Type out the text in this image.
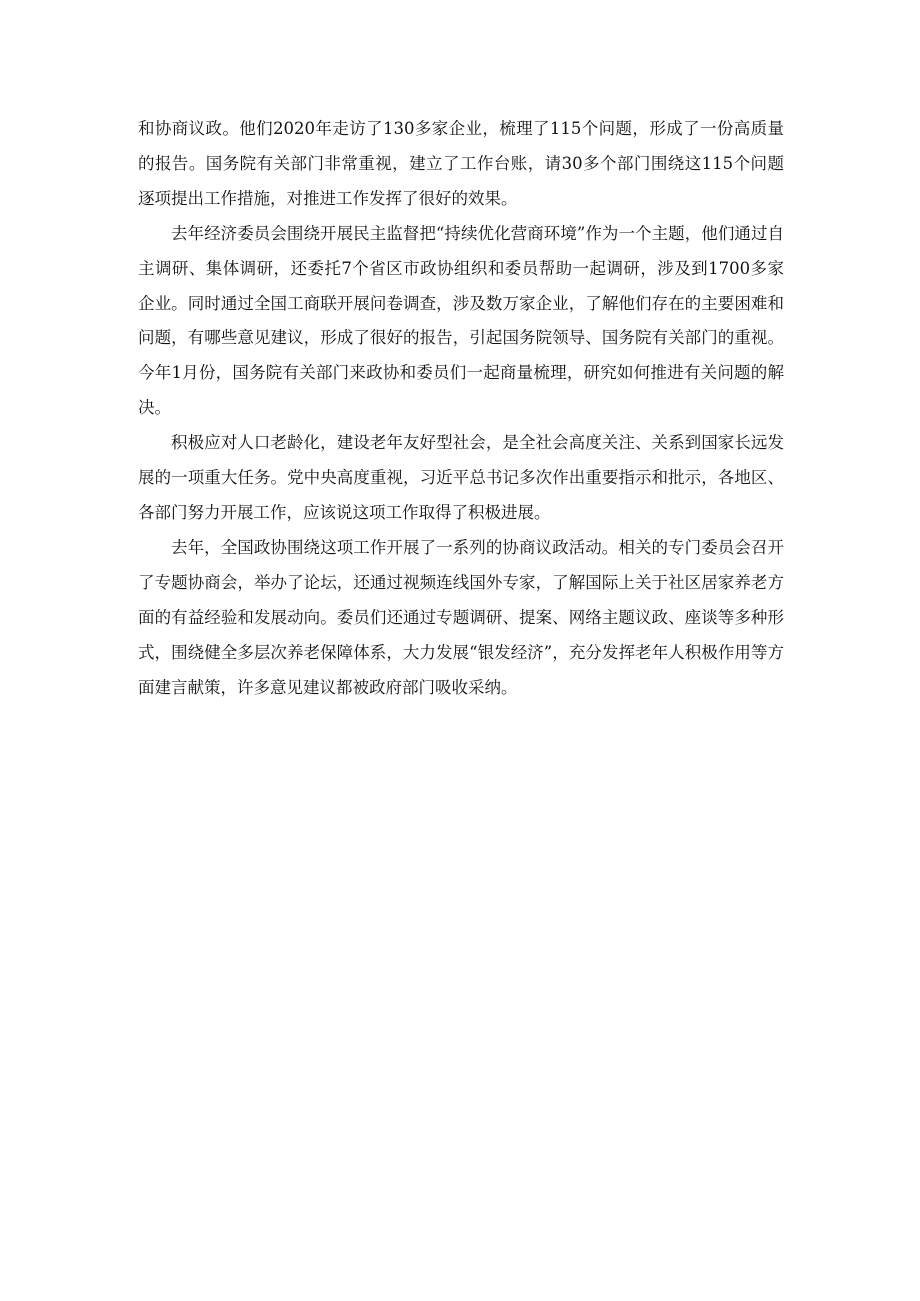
和协商议政。他们2020年走访了130多家企业，梳理了115个问题，形成了一份高质量的报告。国务院有关部门非常重视，建立了工作台账，请30多个部门围绕这115个问题逐项提出工作措施，对推进工作发挥了很好的效果。

去年经济委员会围绕开展民主监督把“持续优化营商环境”作为一个主题，他们通过自主调研、集体调研，还委托7个省区市政协组织和委员帮助一起调研，涉及到1700多家企业。同时通过全国工商联开展问卷调查，涉及数万家企业，了解他们存在的主要困难和问题，有哪些意见建议，形成了很好的报告，引起国务院领导、国务院有关部门的重视。今年1月份，国务院有关部门来政协和委员们一起商量梳理，研究如何推进有关问题的解决。

积极应对人口老龄化，建设老年友好型社会，是全社会高度关注、关系到国家长远发展的一项重大任务。党中央高度重视，习近平总书记多次作出重要指示和批示，各地区、各部门努力开展工作，应该说这项工作取得了积极进展。

去年，全国政协围绕这项工作开展了一系列的协商议政活动。相关的专门委员会召开了专题协商会，举办了论坛，还通过视频连线国外专家，了解国际上关于社区居家养老方面的有益经验和发展动向。委员们还通过专题调研、提案、网络主题议政、座谈等多种形式，围绕健全多层次养老保障体系，大力发展“银发经济”，充分发挥老年人积极作用等方面建言献策，许多意见建议都被政府部门吸收采纳。
